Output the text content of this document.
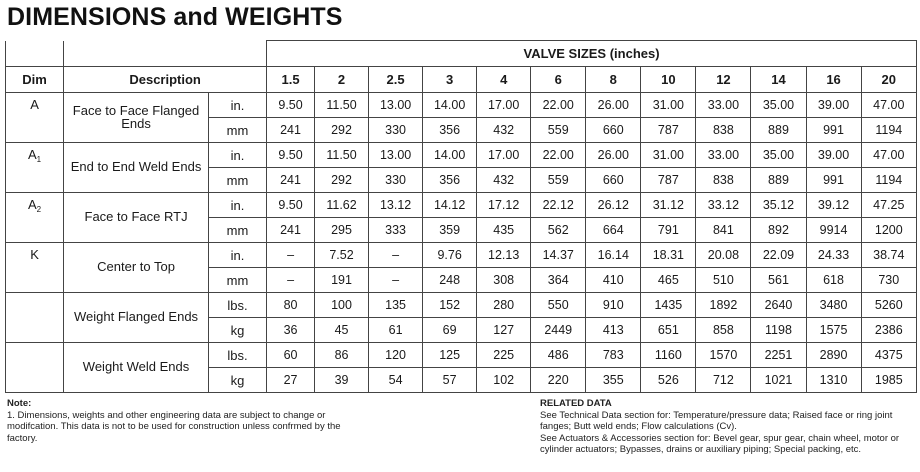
DIMENSIONS and WEIGHTS
			VALVE SIZES (inches)											
Dim	Description		1.5	2	2.5	3	4	6	8	10	12	14	16	20
A	Face to Face Flanged Ends	in.	9.50	11.50	13.00	14.00	17.00	22.00	26.00	31.00	33.00	35.00	39.00	47.00
		mm	241	292	330	356	432	559	660	787	838	889	991	1194
$A_1$	End to End Weld Ends	in.	9.50	11.50	13.00	14.00	17.00	22.00	26.00	31.00	33.00	35.00	39.00	47.00
		mm	241	292	330	356	432	559	660	787	838	889	991	1194
$A_2$	Face to Face RTJ	in.	9.50	11.62	13.12	14.12	17.12	22.12	26.12	31.12	33.12	35.12	39.12	47.25
		mm	241	295	333	359	435	562	664	791	841	892	9914	1200
K	Center to Top	in.	–	7.52	–	9.76	12.13	14.37	16.14	18.31	20.08	22.09	24.33	38.74
		mm	–	191	–	248	308	364	410	465	510	561	618	730
	Weight Flanged Ends	lbs.	80	100	135	152	280	550	910	1435	1892	2640	3480	5260
		kg	36	45	61	69	127	2449	413	651	858	1198	1575	2386
	Weight Weld Ends	lbs.	60	86	120	125	225	486	783	1160	1570	2251	2890	4375
		kg	27	39	54	57	102	220	355	526	712	1021	1310	1985
Note:
1. Dimensions, weights and other engineering data are subject to change or modifcation. This data is not to be used for construction unless confrmed by the factory.
RELATED DATA
See Technical Data section for: Temperature/pressure data; Raised face or ring joint fanges; Butt weld ends; Flow calculations (Cv).
See Actuators & Accessories section for: Bevel gear, spur gear, chain wheel, motor or cylinder actuators; Bypasses, drains or auxiliary piping; Special packing, etc.
